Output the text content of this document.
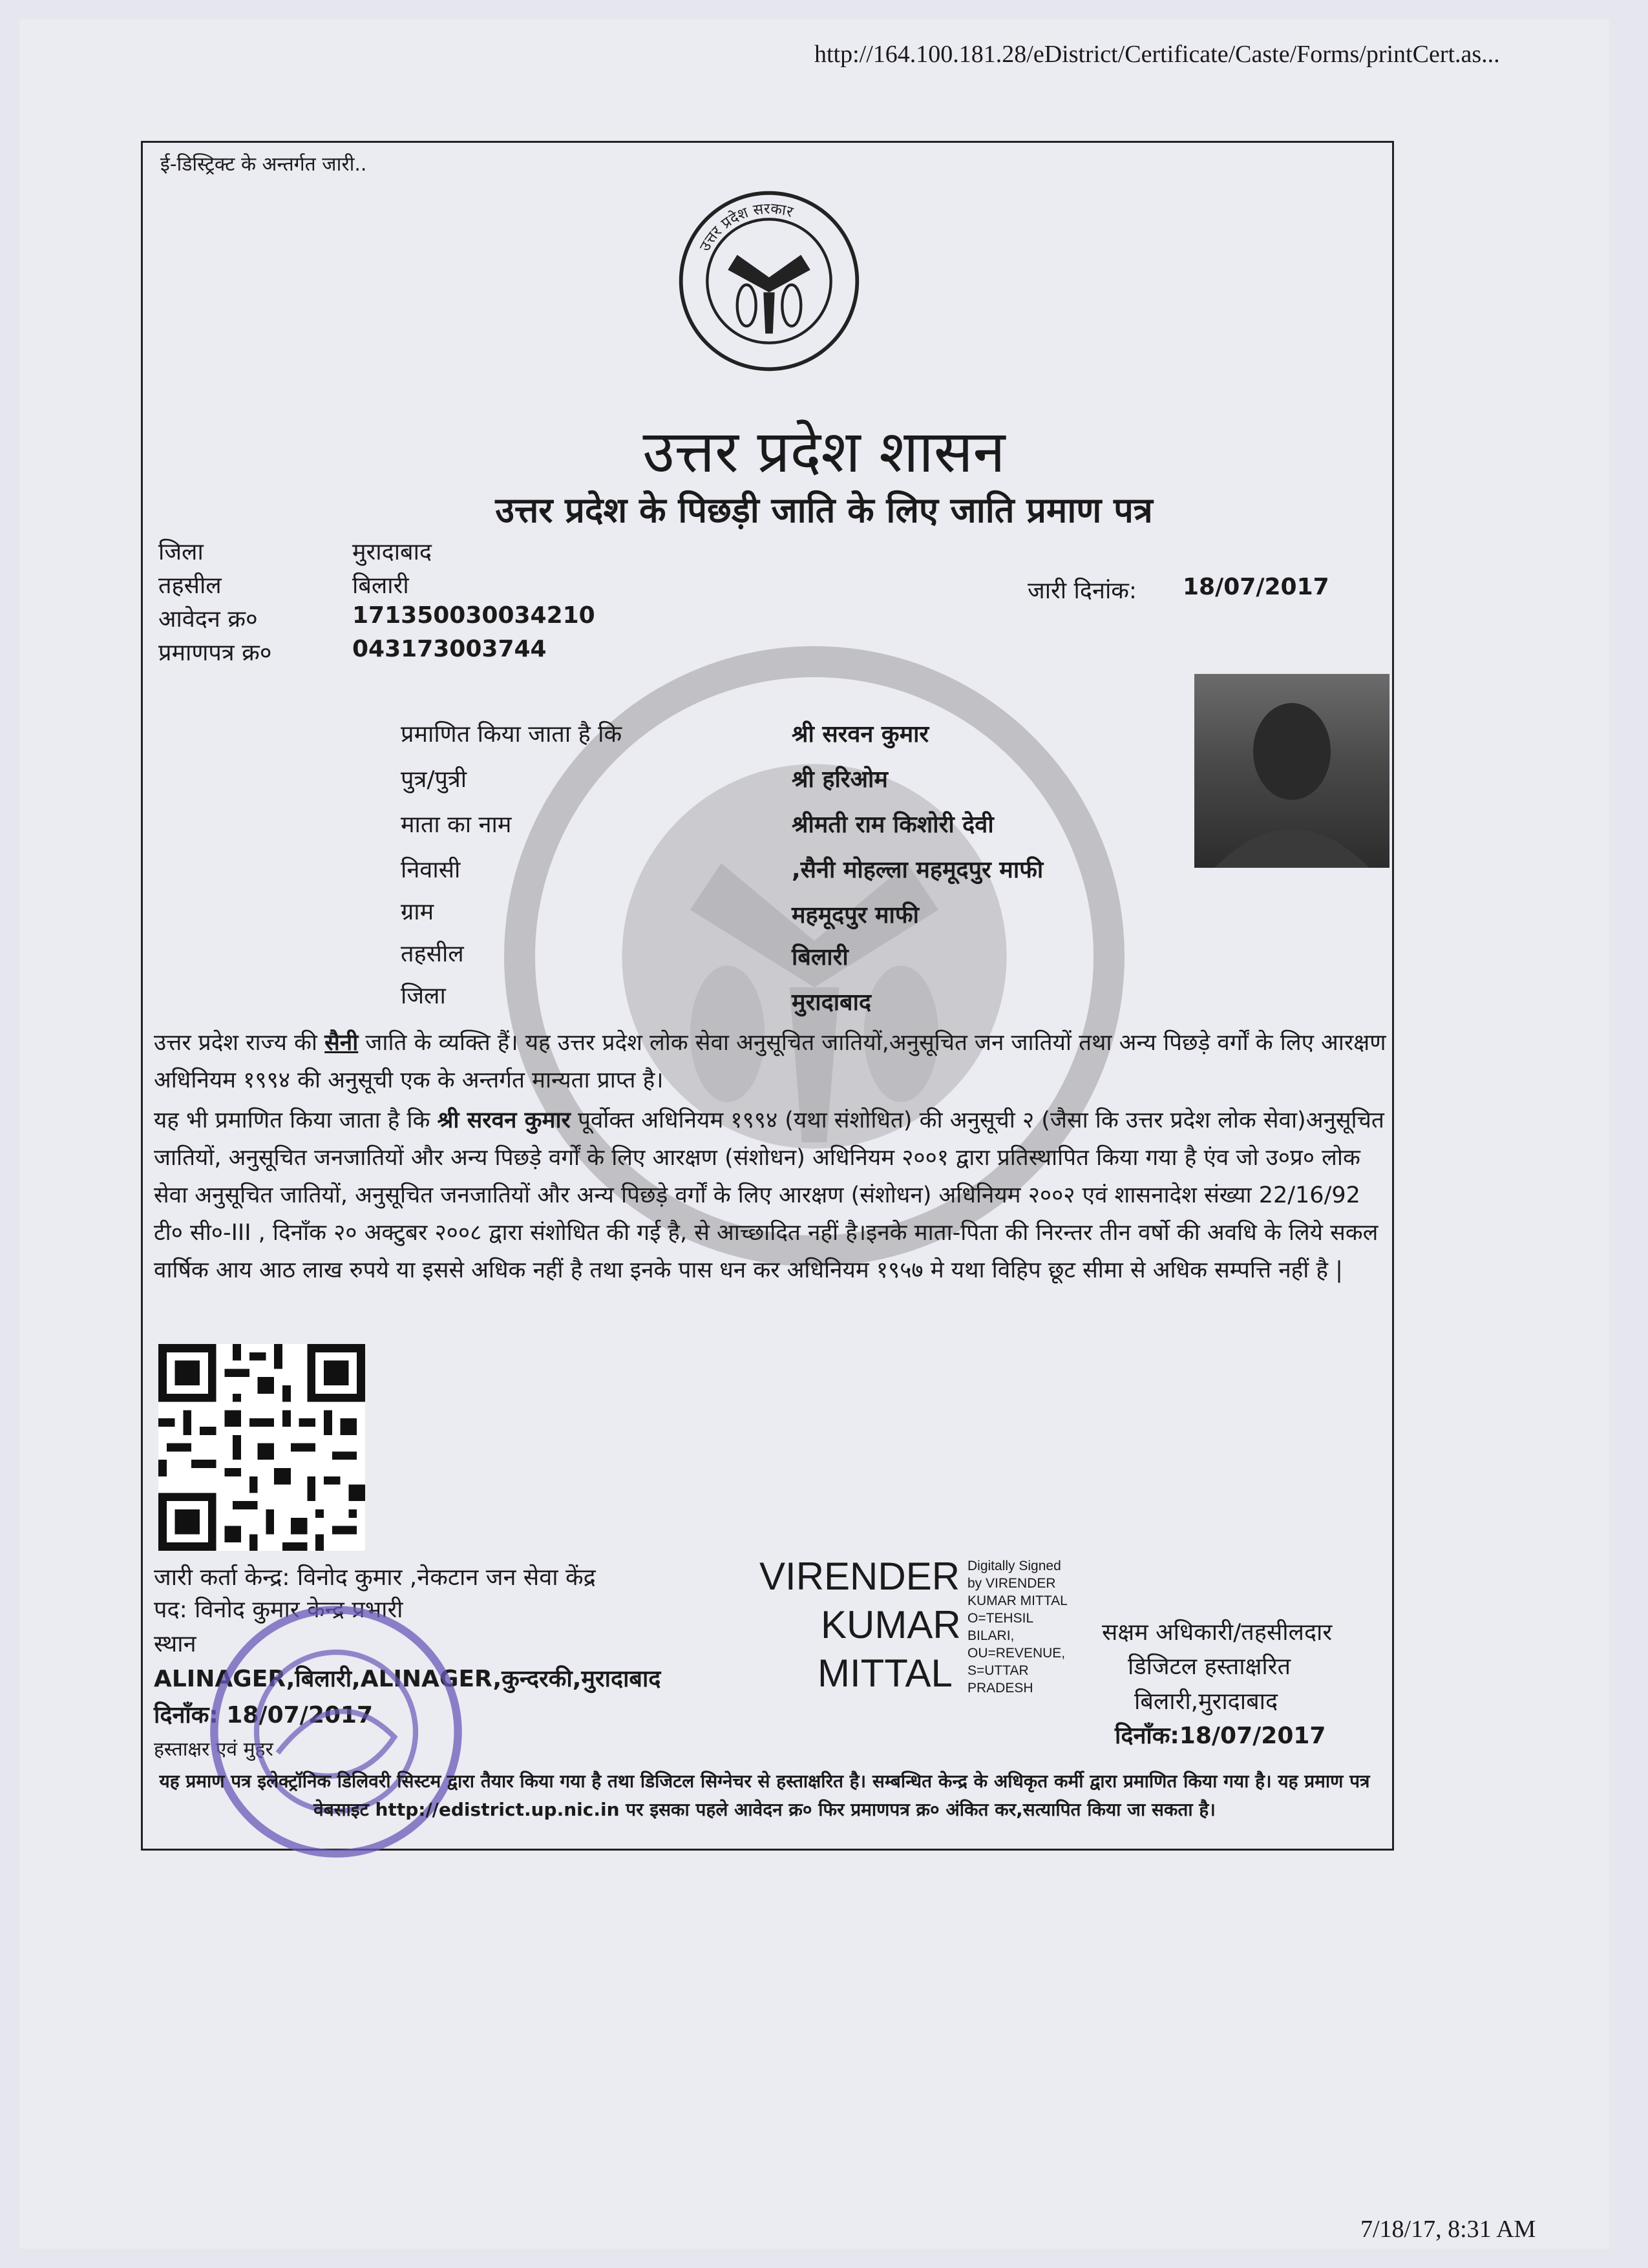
http://164.100.181.28/eDistrict/Certificate/Caste/Forms/printCert.as...
ई-डिस्ट्रिक्ट के अन्तर्गत जारी..
उत्तर प्रदेश सरकार
उत्तर प्रदेश शासन
उत्तर प्रदेश के पिछड़ी जाति के लिए जाति प्रमाण पत्र
जिला	मुरादाबाद
तहसील	बिलारी
आवेदन क्र०	171350030034210
प्रमाणपत्र क्र०	043173003744
जारी दिनांक: 18/07/2017
प्रमाणित किया जाता है कि	श्री सरवन कुमार
पुत्र/पुत्री	श्री हरिओम
माता का नाम	श्रीमती राम किशोरी देवी
निवासी	,सैनी मोहल्ला महमूदपुर माफी
ग्राम	महमूदपुर माफी
तहसील	बिलारी
जिला	मुरादाबाद
उत्तर प्रदेश राज्य की सैनी जाति के व्यक्ति हैं। यह उत्तर प्रदेश लोक सेवा अनुसूचित जातियों,अनुसूचित जन जातियों तथा अन्य पिछड़े वर्गों के लिए आरक्षण अधिनियम १९९४ की अनुसूची एक के अन्तर्गत मान्यता प्राप्त है।
यह भी प्रमाणित किया जाता है कि श्री सरवन कुमार पूर्वोक्त अधिनियम १९९४ (यथा संशोधित) की अनुसूची २ (जैसा कि उत्तर प्रदेश लोक सेवा)अनुसूचित जातियों, अनुसूचित जनजातियों और अन्य पिछड़े वर्गों के लिए आरक्षण (संशोधन) अधिनियम २००१ द्वारा प्रतिस्थापित किया गया है एंव जो उ०प्र० लोक सेवा अनुसूचित जातियों, अनुसूचित जनजातियों और अन्य पिछड़े वर्गों के लिए आरक्षण (संशोधन) अधिनियम २००२ एवं शासनादेश संख्या 22/16/92 टी० सी०-III , दिनाँक २० अक्टुबर २००८ द्वारा संशोधित की गई है, से आच्छादित नहीं है।इनके माता-पिता की निरन्तर तीन वर्षो की अवधि के लिये सकल वार्षिक आय आठ लाख रुपये या इससे अधिक नहीं है तथा इनके पास धन कर अधिनियम १९५७ मे यथा विहिप छूट सीमा से अधिक सम्पत्ति नहीं है |
जारी कर्ता केन्द्र: विनोद कुमार ,नेकटान जन सेवा केंद्र
पद: विनोद कुमार केन्द्र प्रभारी
स्थान
ALINAGER,बिलारी,ALINAGER,कुन्दरकी,मुरादाबाद
दिनाँक: 18/07/2017
हस्ताक्षर एवं मुहर
VIRENDER
KUMAR
MITTAL
Digitally Signed
by VIRENDER
KUMAR MITTAL
O=TEHSIL
BILARI,
OU=REVENUE,
S=UTTAR
PRADESH
सक्षम अधिकारी/तहसीलदार
डिजिटल हस्ताक्षरित
बिलारी,मुरादाबाद
दिनाँक:18/07/2017
यह प्रमाण पत्र इलेक्ट्रॉनिक डिलिवरी सिस्टम द्वारा तैयार किया गया है तथा डिजिटल सिग्नेचर से हस्ताक्षरित है। सम्बन्धित केन्द्र के अधिकृत कर्मी द्वारा प्रमाणित किया गया है। यह प्रमाण पत्र वेबसाइट http://edistrict.up.nic.in पर इसका पहले आवेदन क्र० फिर प्रमाणपत्र क्र० अंकित कर,सत्यापित किया जा सकता है।
7/18/17, 8:31 AM
